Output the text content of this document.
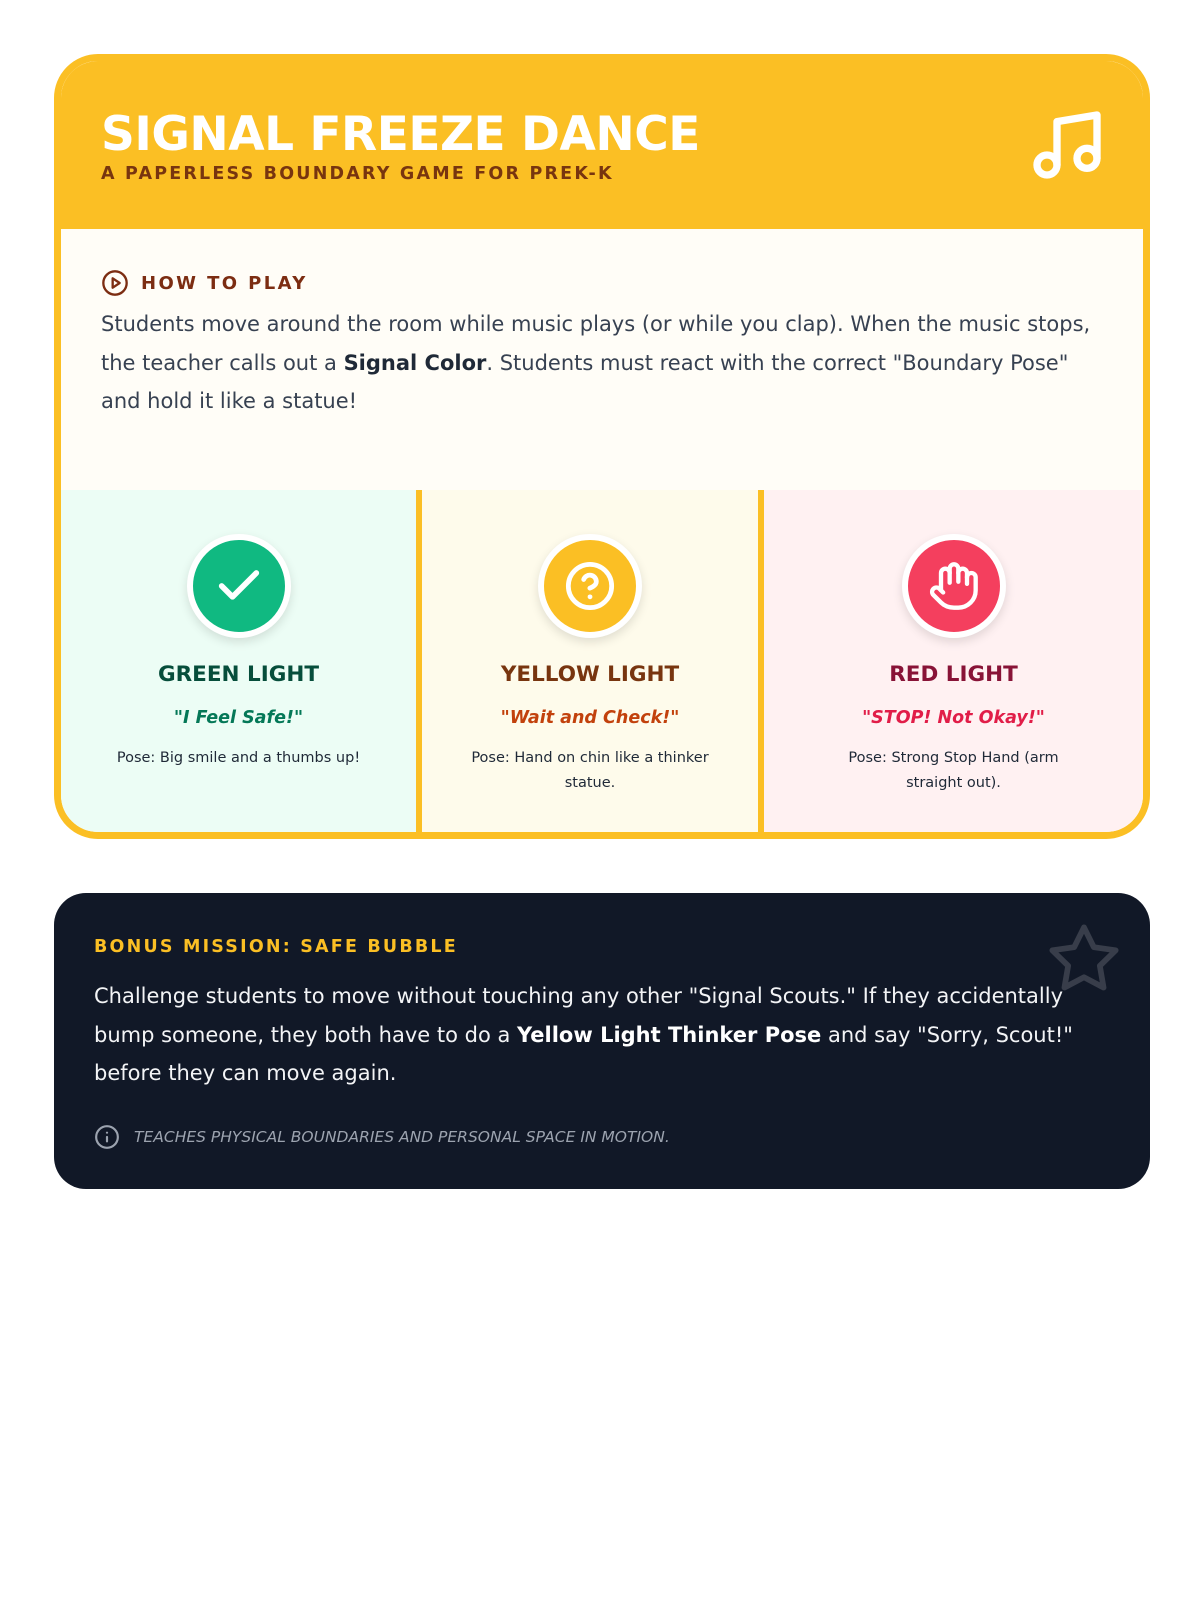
SIGNAL FREEZE DANCE
A PAPERLESS BOUNDARY GAME FOR PREK-K
HOW TO PLAY

Students move around the room while music plays (or while you clap). When the music stops, the teacher calls out a Signal Color. Students must react with the correct "Boundary Pose" and hold it like a statue!

GREEN LIGHT
"I Feel Safe!"
Pose: Big smile and a thumbs up!
YELLOW LIGHT
"Wait and Check!"
Pose: Hand on chin like a thinker statue.
RED LIGHT
"STOP! Not Okay!"
Pose: Strong Stop Hand (arm straight out).
BONUS MISSION: SAFE BUBBLE

Challenge students to move without touching any other "Signal Scouts." If they accidentally bump someone, they both have to do a Yellow Light Thinker Pose and say "Sorry, Scout!" before they can move again.

TEACHES PHYSICAL BOUNDARIES AND PERSONAL SPACE IN MOTION.
